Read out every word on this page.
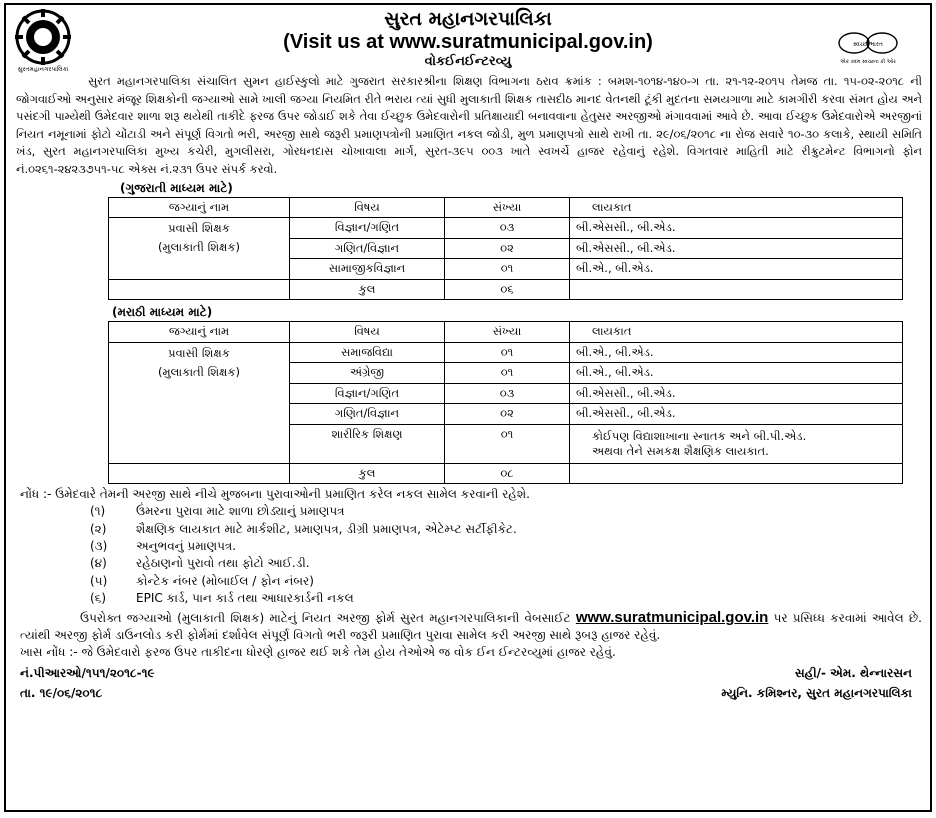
સુરતમહાનગરપાલિકા
સુરત મહાનગરપાલિકા
(Visit us at www.suratmunicipal.gov.in)
વોકઈનઈન્ટરવ્યુ
સ્વચ્છ ભારત
એક કદમ સ્વચ્છતા કી ઓર
સુરત મહાનગરપાલિકા સંચાલિત સુમન હાઈસ્કુલો માટે ગુજરાત સરકારશ્રીના શિક્ષણ વિભાગના ઠરાવ ક્રમાંક : બમશ-૧૦૧૪-૧૪૦-ગ તા. ૨૧-૧૨-૨૦૧૫ તેમજ તા. ૧૫-૦૨-૨૦૧૮ ની જોગવાઈઓ અનુસાર મંજૂર શિક્ષકોની જગ્યાઓ સામે ખાલી જગ્યા નિયમિત રીતે ભરાય ત્યાં સુધી મુલાકાતી શિક્ષક તાસદીઠ માનદ વેતનથી ટૂંકી મુદતના સમયગાળા માટે કામગીરી કરવા સંમત હોય અને પસંદગી પામ્યેથી ઉમેદવાર શાળા શરૂ થયેથી તાકીદે ફરજ ઉપર જોડાઈ શકે તેવા ઈચ્છુક ઉમેદવારોની પ્રતિક્ષાયાદી બનાવવાના હેતુસર અરજીઓ મંગાવવામાં આવે છે. આવા ઈચ્છુક ઉમેદવારોએ અરજીનાં નિયત નમૂનામાં ફોટો ચોંટાડી અને સંપૂર્ણ વિગતો ભરી, અરજી સાથે જરૂરી પ્રમાણપત્રોની પ્રમાણિત નકલ જોડી, મુળ પ્રમાણપત્રો સાથે રાખી તા. ૨૯/૦૬/૨૦૧૮ ના રોજ સવારે ૧૦-૩૦ કલાકે, સ્થાયી સમિતિ ખંડ, સુરત મહાનગરપાલિકા મુખ્ય કચેરી, મુગલીસરા, ગોરધનદાસ ચોખાવાલા માર્ગ, સુરત-૩૯૫ ૦૦૩ ખાતે સ્વખર્ચે હાજર રહેવાનું રહેશે. વિગતવાર માહિતી માટે રીક્રુટમેન્ટ વિભાગનો ફોન નં.૦૨૬૧-૨૪૨૩૭૫૧-૫૮ એક્સ નં.૨૩૧ ઉપર સંપર્ક કરવો.
(ગુજરાતી માધ્યમ માટે)
જગ્યાનું નામ	વિષય	સંખ્યા	લાયકાત

પ્રવાસી શિક્ષક
(મુલાકાતી શિક્ષક)	વિજ્ઞાન/ગણિત	૦૩	બી.એસસી., બી.એડ.
	ગણિત/વિજ્ઞાન	૦૨	બી.એસસી., બી.એડ.
	સામાજીકવિજ્ઞાન	૦૧	બી.એ., બી.એડ.
	કુલ	૦૬	
(મરાઠી માધ્યમ માટે)
જગ્યાનું નામ	વિષય	સંખ્યા	લાયકાત

પ્રવાસી શિક્ષક
(મુલાકાતી શિક્ષક)	સમાજવિદ્યા	૦૧	બી.એ., બી.એડ.
	અંગ્રેજી	૦૧	બી.એ., બી.એડ.
	વિજ્ઞાન/ગણિત	૦૩	બી.એસસી., બી.એડ.
	ગણિત/વિજ્ઞાન	૦૨	બી.એસસી., બી.એડ.
	શારીરિક શિક્ષણ	૦૧	કોઈપણ વિદ્યાશાખાના સ્નાતક અને બી.પી.એડ.
અથવા તેને સમકક્ષ શૈક્ષણિક લાયકાત.

	કુલ	૦૮	
નોંધ :- ઉમેદવારે તેમની અરજી સાથે નીચે મુજબના પુરાવાઓની પ્રમાણિત કરેલ નકલ સામેલ કરવાની રહેશે.
(૧)	ઉંમરના પુરાવા માટે શાળા છોડ્યાનું પ્રમાણપત્ર
(૨)	શૈક્ષણિક લાયકાત માટે માર્કશીટ, પ્રમાણપત્ર, ડીગ્રી પ્રમાણપત્ર, એટેમ્પ્ટ સર્ટીફીકેટ.
(૩)	અનુભવનું પ્રમાણપત્ર.
(૪)	રહેઠાણનો પુરાવો તથા ફોટો આઈ.ડી.
(૫)	કોન્ટેક નંબર (મોબાઈલ / ફોન નંબર)
(૬)	EPIC કાર્ડ, પાન કાર્ડ તથા આધારકાર્ડની નકલ
ઉપરોક્ત જગ્યાઓ (મુલાકાતી શિક્ષક) માટેનું નિયત અરજી ફોર્મ સુરત મહાનગરપાલિકાની વેબસાઈટ www.suratmunicipal.gov.in પર પ્રસિધ્ધ કરવામાં આવેલ છે. ત્યાંથી અરજી ફોર્મ ડાઉનલોડ કરી ફોર્મમાં દર્શાવેલ સંપૂર્ણ વિગતો ભરી જરૂરી પ્રમાણિત પુરાવા સામેલ કરી અરજી સાથે રૂબરૂ હાજર રહેવું.
ખાસ નોંધ :- જે ઉમેદવારો ફરજ ઉપર તાકીદના ધોરણે હાજર થઈ શકે તેમ હોય તેઓએ જ વોક ઈન ઈન્ટરવ્યુમાં હાજર રહેવું.
નં.પીઆરઓ/૧૫૧/૨૦૧૮-૧૯
તા. ૧૯/૦૬/૨૦૧૮
સહી/- એમ. થેન્નારસન
મ્યુનિ. કમિશ્નર, સુરત મહાનગરપાલિકા
